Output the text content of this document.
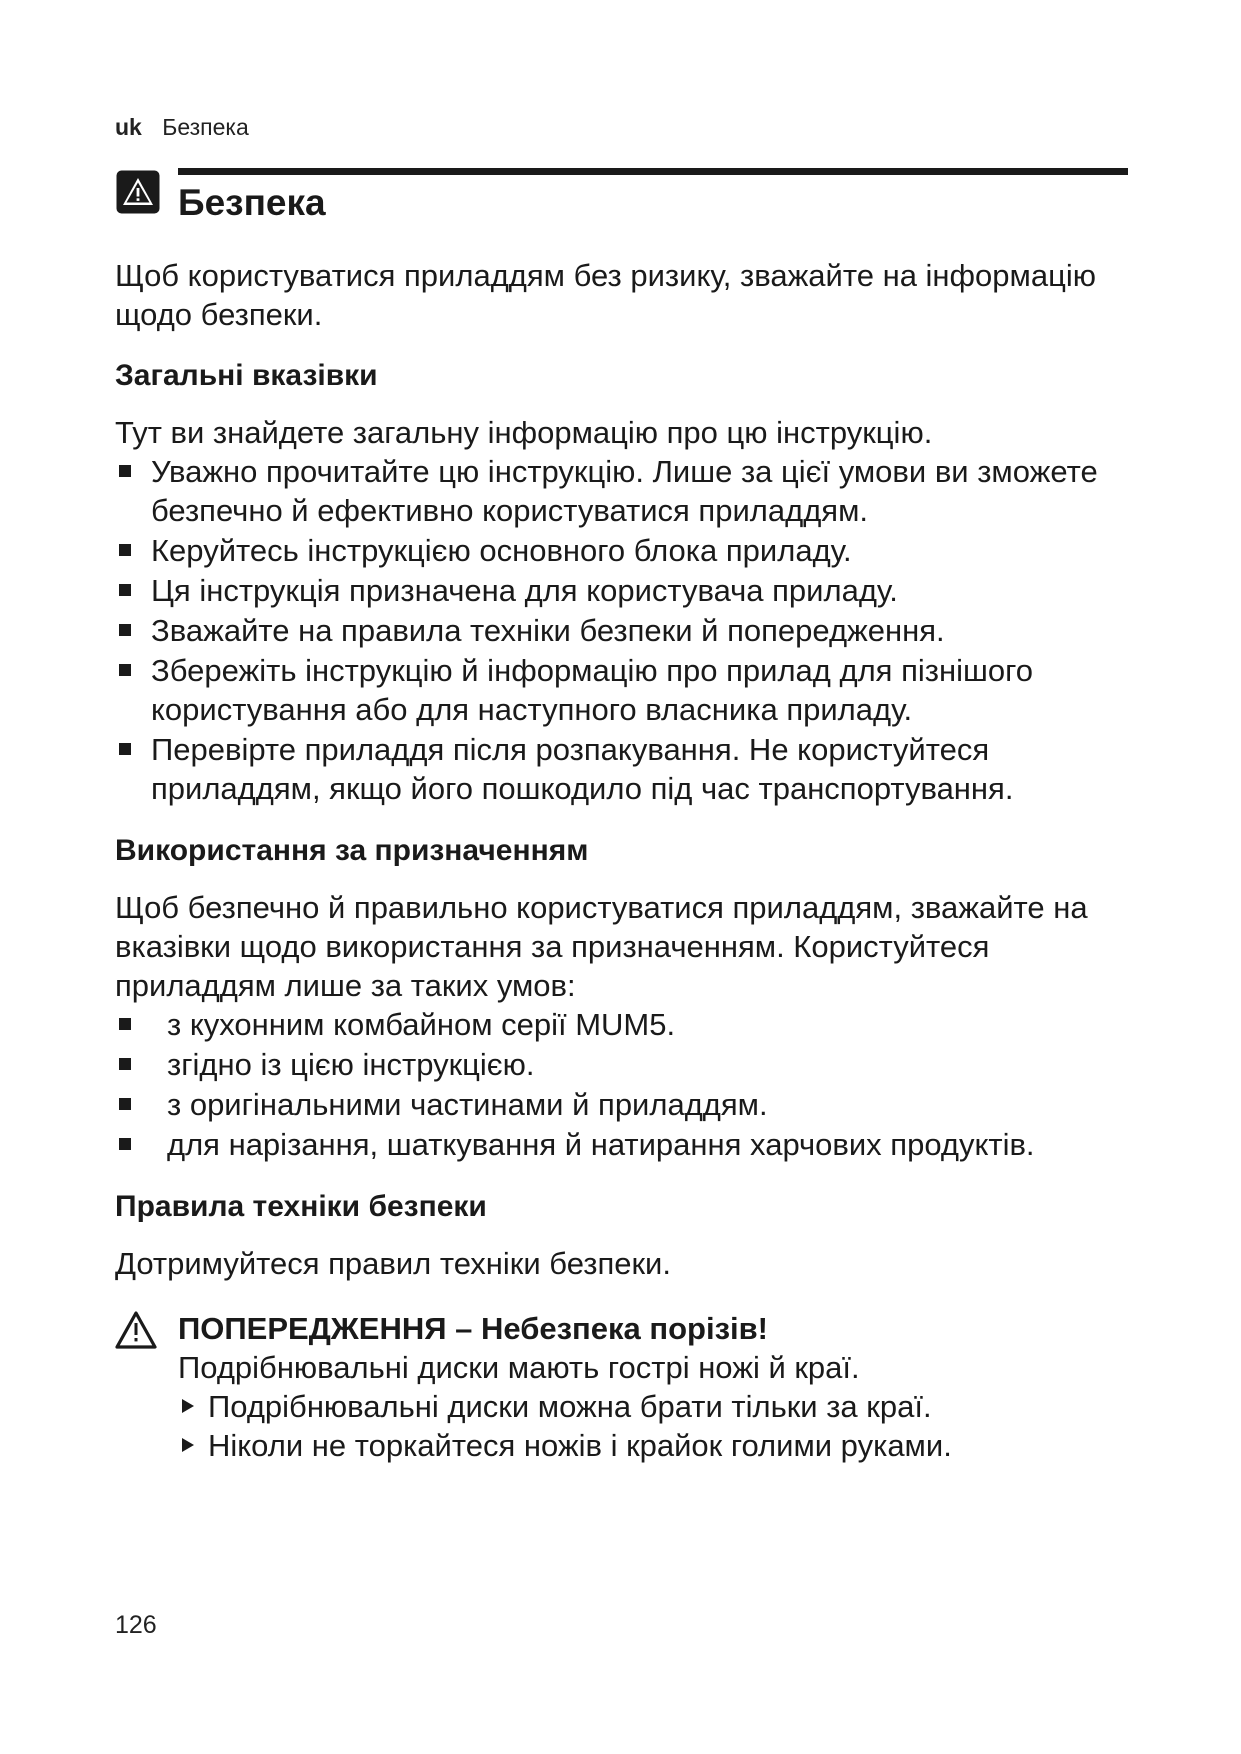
uk Безпека
Безпека

Щоб користуватися приладдям без ризику, зважайте на інформацію щодо безпеки.

Загальні вказівки

Тут ви знайдете загальну інформацію про цю інструкцію.

Уважно прочитайте цю інструкцію. Лише за цієї умови ви зможете безпечно й ефективно користуватися приладдям.
Керуйтесь інструкцією основного блока приладу.
Ця інструкція призначена для користувача приладу.
Зважайте на правила техніки безпеки й попередження.
Збережіть інструкцію й інформацію про прилад для пізнішого користування або для наступного власника приладу.
Перевірте приладдя після розпакування. Не користуйтеся приладдям, якщо його пошкодило під час транспортування.
Використання за призначенням

Щоб безпечно й правильно користуватися приладдям, зважайте на вказівки щодо використання за призначенням. Користуйтеся приладдям лише за таких умов:

з кухонним комбайном серії MUM5.
згідно із цією інструкцією.
з оригінальними частинами й приладдям.
для нарізання, шаткування й натирання харчових продуктів.
Правила техніки безпеки

Дотримуйтеся правил техніки безпеки.

ПОПЕРЕДЖЕННЯ – Небезпека порізів!
Подрібнювальні диски мають гострі ножі й краї.
Подрібнювальні диски можна брати тільки за краї.
Ніколи не торкайтеся ножів і крайок голими руками.
126
